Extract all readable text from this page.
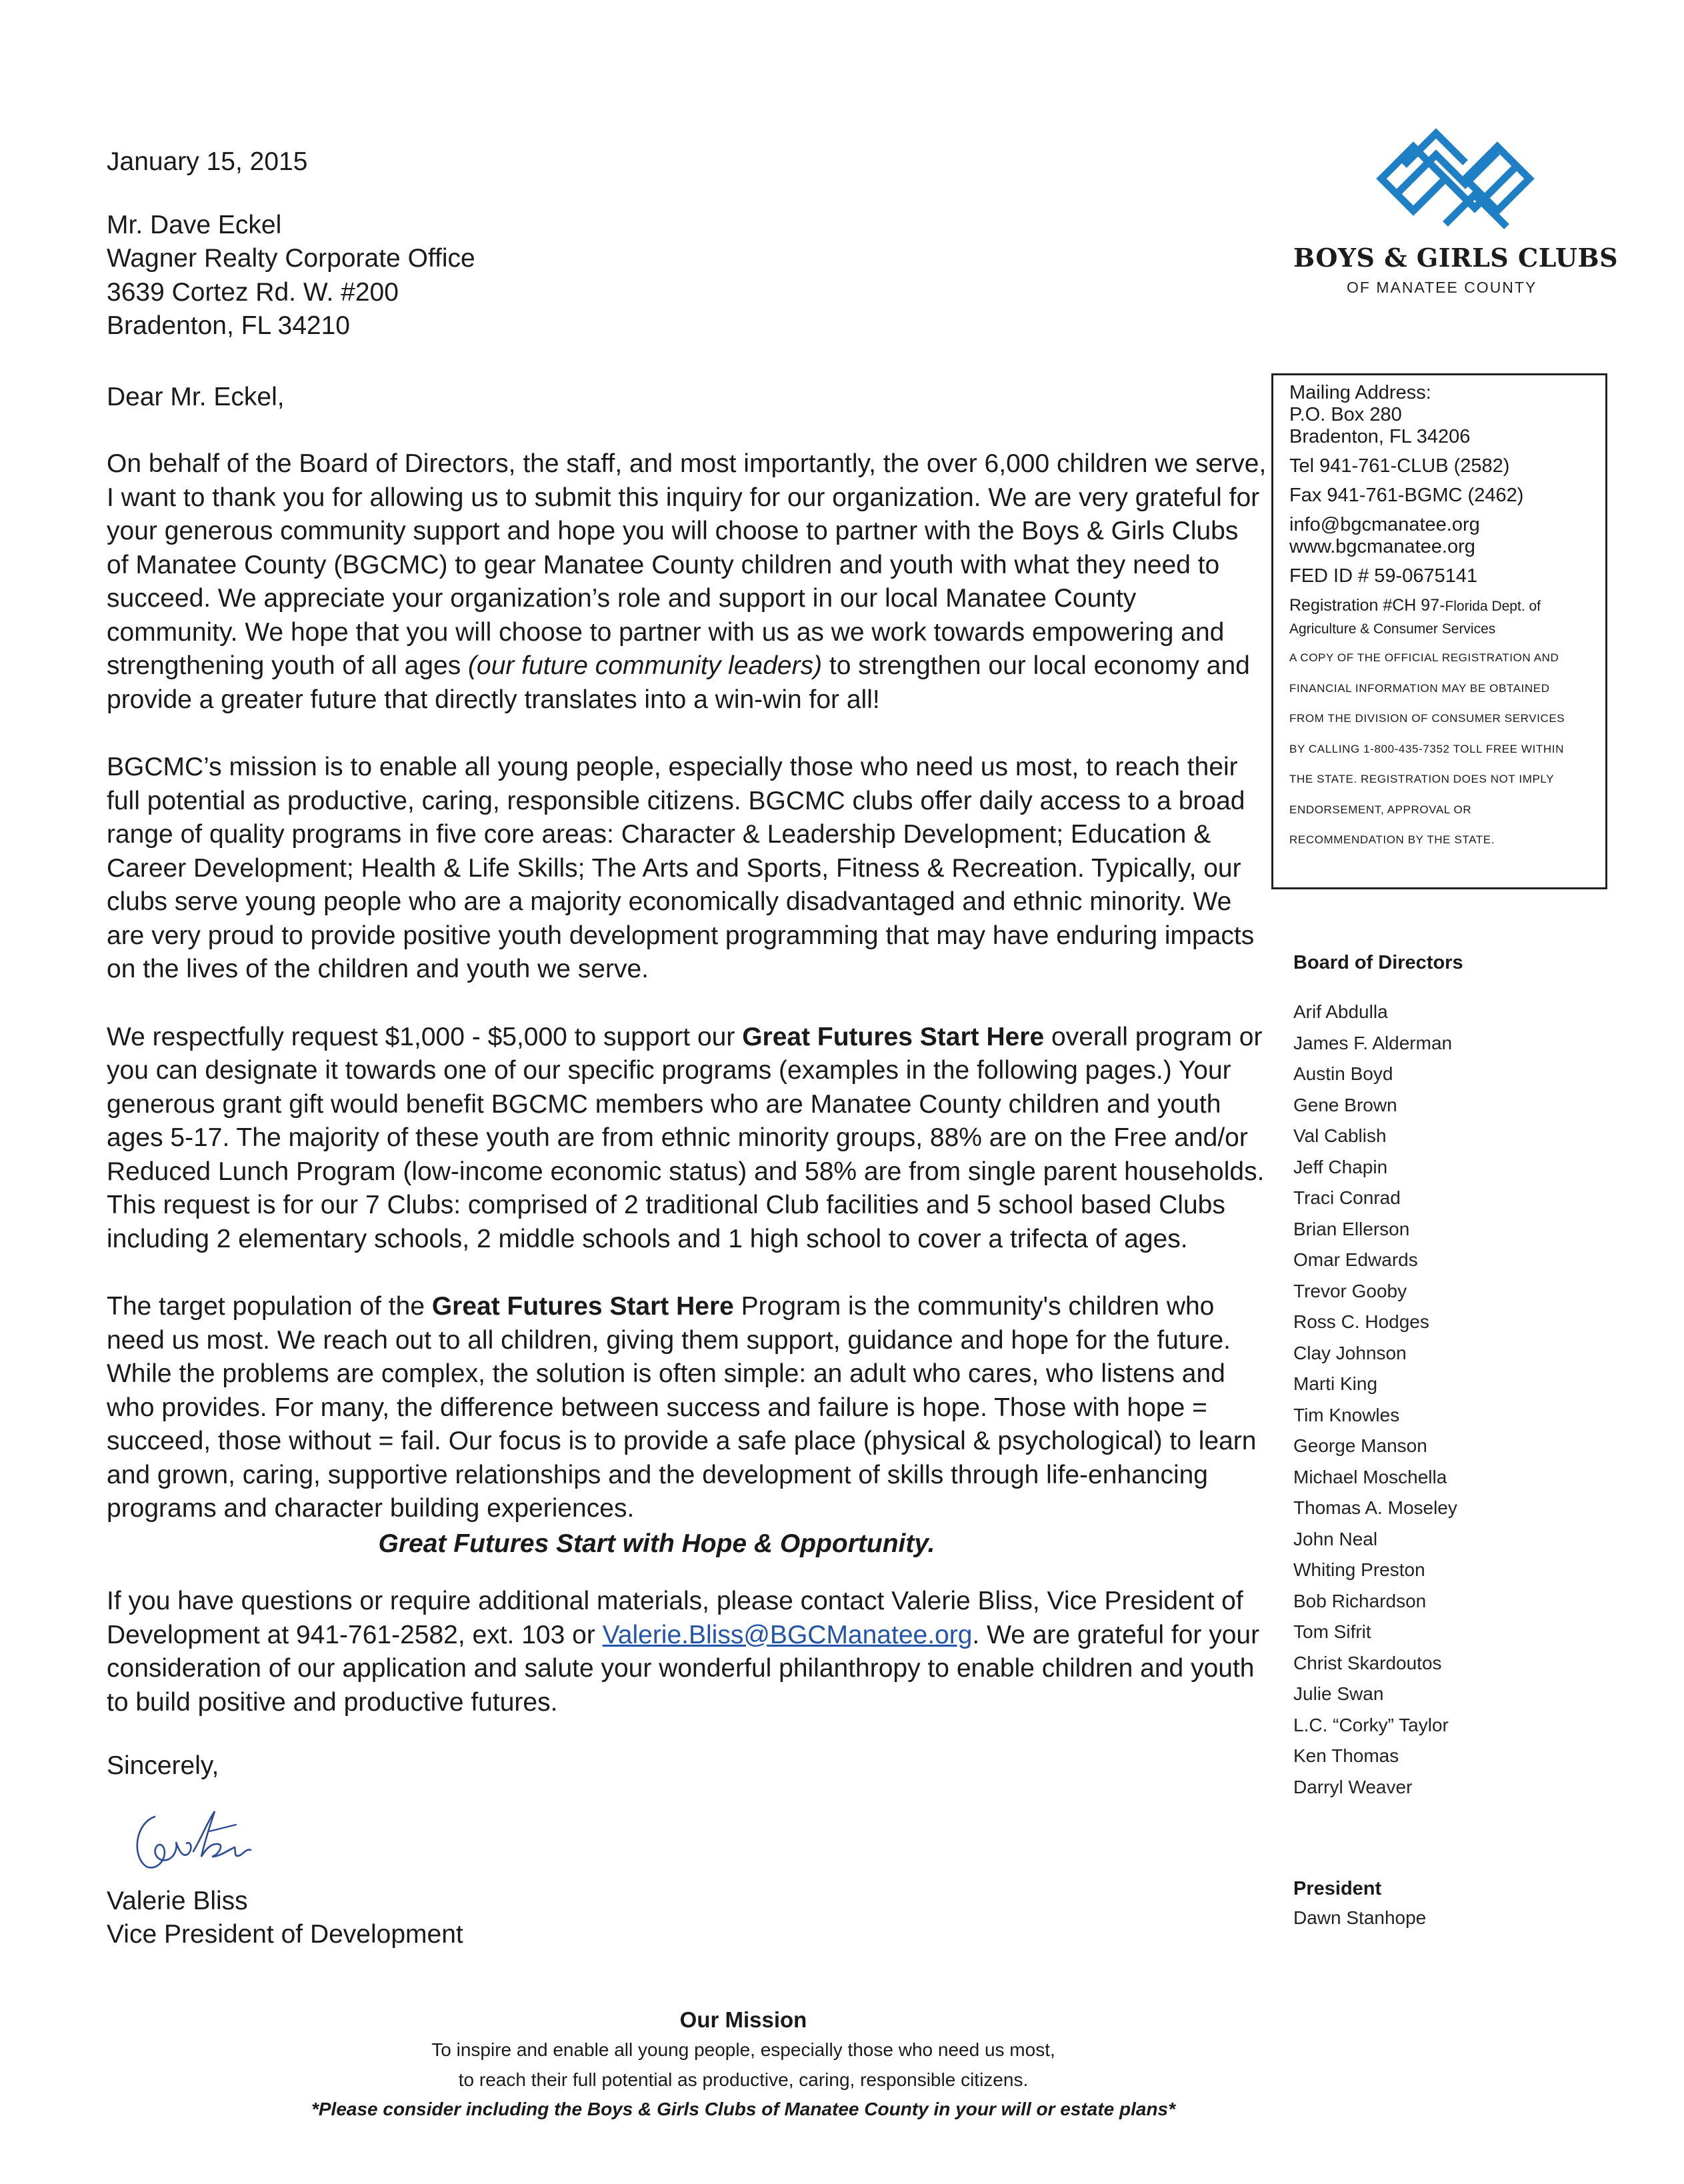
January 15, 2015

Mr. Dave Eckel

Wagner Realty Corporate Office

3639 Cortez Rd. W. #200

Bradenton, FL 34210

Dear Mr. Eckel,

On behalf of the Board of Directors, the staff, and most importantly, the over 6,000 children we serve, I want to thank you for allowing us to submit this inquiry for our organization. We are very grateful for your generous community support and hope you will choose to partner with the Boys & Girls Clubs of Manatee County (BGCMC) to gear Manatee County children and youth with what they need to succeed. We appreciate your organization’s role and support in our local Manatee County community. We hope that you will choose to partner with us as we work towards empowering and strengthening youth of all ages (our future community leaders) to strengthen our local economy and provide a greater future that directly translates into a win-win for all!

BGCMC’s mission is to enable all young people, especially those who need us most, to reach their full potential as productive, caring, responsible citizens. BGCMC clubs offer daily access to a broad range of quality programs in five core areas: Character & Leadership Development; Education & Career Development; Health & Life Skills; The Arts and Sports, Fitness & Recreation. Typically, our clubs serve young people who are a majority economically disadvantaged and ethnic minority. We are very proud to provide positive youth development programming that may have enduring impacts on the lives of the children and youth we serve.

We respectfully request $1,000 - $5,000 to support our Great Futures Start Here overall program or you can designate it towards one of our specific programs (examples in the following pages.) Your generous grant gift would benefit BGCMC members who are Manatee County children and youth ages 5-17. The majority of these youth are from ethnic minority groups, 88% are on the Free and/or Reduced Lunch Program (low-income economic status) and 58% are from single parent households. This request is for our 7 Clubs: comprised of 2 traditional Club facilities and 5 school based Clubs including 2 elementary schools, 2 middle schools and 1 high school to cover a trifecta of ages.

The target population of the Great Futures Start Here Program is the community's children who need us most. We reach out to all children, giving them support, guidance and hope for the future. While the problems are complex, the solution is often simple: an adult who cares, who listens and who provides. For many, the difference between success and failure is hope. Those with hope = succeed, those without = fail. Our focus is to provide a safe place (physical & psychological) to learn and grown, caring, supportive relationships and the development of skills through life-enhancing programs and character building experiences.

Great Futures Start with Hope & Opportunity.

If you have questions or require additional materials, please contact Valerie Bliss, Vice President of Development at 941-761-2582, ext. 103 or Valerie.Bliss@BGCManatee.org. We are grateful for your consideration of our application and salute your wonderful philanthropy to enable children and youth to build positive and productive futures.

Sincerely,

Valerie Bliss

Vice President of Development

BOYS & GIRLS CLUBS
OF MANATEE COUNTY

Mailing Address:

P.O. Box 280

Bradenton, FL 34206

Tel 941-761-CLUB (2582)

Fax 941-761-BGMC (2462)

info@bgcmanatee.org

www.bgcmanatee.org

FED ID # 59-0675141

Registration #CH 97-Florida Dept. of

Agriculture & Consumer Services

A COPY OF THE OFFICIAL REGISTRATION AND
FINANCIAL INFORMATION MAY BE OBTAINED
FROM THE DIVISION OF CONSUMER SERVICES
BY CALLING 1-800-435-7352 TOLL FREE WITHIN
THE STATE. REGISTRATION DOES NOT IMPLY
ENDORSEMENT, APPROVAL OR
RECOMMENDATION BY THE STATE.

Board of Directors
Arif Abdulla
James F. Alderman
Austin Boyd
Gene Brown
Val Cablish
Jeff Chapin
Traci Conrad
Brian Ellerson
Omar Edwards
Trevor Gooby
Ross C. Hodges
Clay Johnson
Marti King
Tim Knowles
George Manson
Michael Moschella
Thomas A. Moseley
John Neal
Whiting Preston
Bob Richardson
Tom Sifrit
Christ Skardoutos
Julie Swan
L.C. “Corky” Taylor
Ken Thomas
Darryl Weaver
President
Dawn Stanhope
Our Mission
To inspire and enable all young people, especially those who need us most,
to reach their full potential as productive, caring, responsible citizens.
*Please consider including the Boys & Girls Clubs of Manatee County in your will or estate plans*
